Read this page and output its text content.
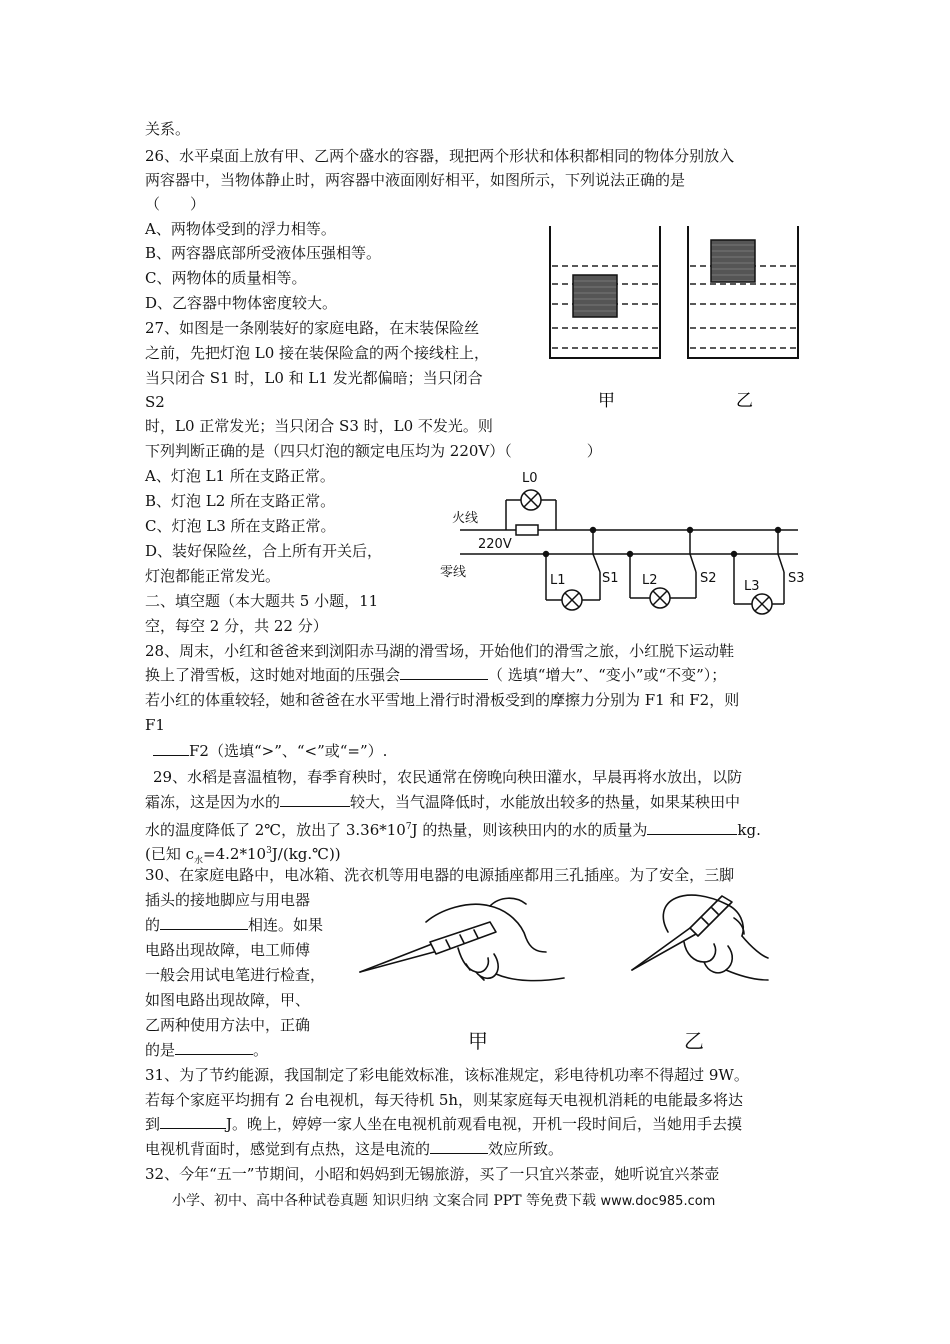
关系。
26、水平桌面上放有甲、乙两个盛水的容器，现把两个形状和体积都相同的物体分别放入
两容器中，当物体静止时，两容器中液面刚好相平，如图所示，下列说法正确的是
（　　）
A、两物体受到的浮力相等。
B、两容器底部所受液体压强相等。
C、两物体的质量相等。
D、乙容器中物体密度较大。
27、如图是一条刚装好的家庭电路，在末装保险丝
之前，先把灯泡 L0 接在装保险盒的两个接线柱上，
当只闭合 S1 时，L0 和 L1 发光都偏暗；当只闭合
S2
时，L0 正常发光；当只闭合 S3 时，L0 不发光。则
下列判断正确的是（四只灯泡的额定电压均为 220V）（　　　　　）
A、灯泡 L1 所在支路正常。
B、灯泡 L2 所在支路正常。
C、灯泡 L3 所在支路正常。
D、装好保险丝，合上所有开关后，
灯泡都能正常发光。
二、填空题（本大题共 5 小题，11
空，每空 2 分，共 22 分）
28、周末，小红和爸爸来到浏阳赤马湖的滑雪场，开始他们的滑雪之旅，小红脱下运动鞋
换上了滑雪板，这时她对地面的压强会	（ 选填“增大”、“变小”或“不变”）；
若小红的体重较轻，她和爸爸在水平雪地上滑行时滑板受到的摩擦力分别为 F1 和 F2，则
F1
F2（选填“>”、“<”或“=”）.
29、水稻是喜温植物，春季育秧时，农民通常在傍晚向秧田灌水，早晨再将水放出，以防
霜冻，这是因为水的	较大，当气温降低时，水能放出较多的热量，如果某秧田中
水的温度降低了 2℃，放出了 $3.36*10^7J$ 的热量，则该秧田内的水的质量为	kg.
(已知 $c_水=4.2*10^3J/(kg.℃)$)
30、在家庭电路中，电冰箱、洗衣机等用电器的电源插座都用三孔插座。为了安全，三脚
插头的接地脚应与用电器
的	相连。如果
电路出现故障，电工师傅
一般会用试电笔进行检查，
如图电路出现故障，甲、
乙两种使用方法中，正确
的是	。
31、为了节约能源，我国制定了彩电能效标准，该标准规定，彩电待机功率不得超过 9W。
若每个家庭平均拥有 2 台电视机，每天待机 5h，则某家庭每天电视机消耗的电能最多将达
到	J。晚上，婷婷一家人坐在电视机前观看电视，开机一段时间后，当她用手去摸
电视机背面时，感觉到有点热，这是电流的	效应所致。
32、今年“五一”节期间，小昭和妈妈到无锡旅游，买了一只宜兴茶壶，她听说宜兴茶壶
甲	乙
火线
220V
零线
L0
L1	L2	L3
S1	S2	S3
甲	乙
小学、初中、高中各种试卷真题 知识归纳 文案合同 PPT 等免费下载 www.doc985.com
